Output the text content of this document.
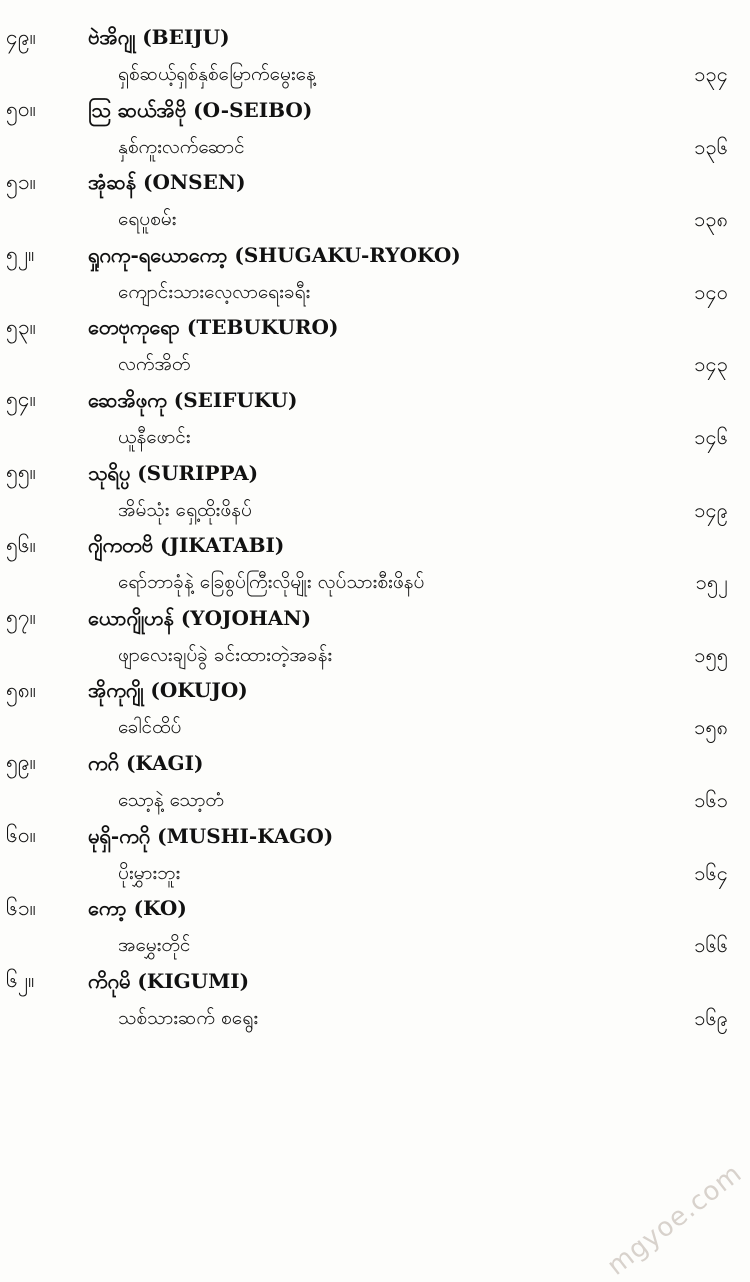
၄၉။	ဗဲအိဂျု (BEIJU)
ရှစ်ဆယ့်ရှစ်နှစ်မြောက်မွေးနေ့	၁၃၄
၅၀။	သြ ဆယ်အိဗို (O-SEIBO)
နှစ်ကူးလက်ဆောင်	၁၃၆
၅၁။	အုံဆန် (ONSEN)
ရေပူစမ်း	၁၃၈
၅၂။	ရှုဂကု-ရယောကော့ (SHUGAKU-RYOKO)
ကျောင်းသားလေ့လာရေးခရီး	၁၄၀
၅၃။	တေဗုကုရော (TEBUKURO)
လက်အိတ်	၁၄၃
၅၄။	ဆေအိဖုကု (SEIFUKU)
ယူနီဖောင်း	၁၄၆
၅၅။	သုရိပ္ပ (SURIPPA)
အိမ်သုံး ရှေ့ထိုးဖိနပ်	၁၄၉
၅၆။	ဂျိကတဗိ (JIKATABI)
ရော်ဘာခုံနဲ့ ခြေစွပ်ကြီးလိုမျိုး လုပ်သားစီးဖိနပ်	၁၅၂
၅၇။	ယောဂျိုဟန် (YOJOHAN)
ဖျာလေးချပ်ခွဲ ခင်းထားတဲ့အခန်း	၁၅၅
၅၈။	အိုကုဂျို (OKUJO)
ခေါင်ထိပ်	၁၅၈
၅၉။	ကဂိ (KAGI)
သော့နဲ့ သော့တံ	၁၆၁
၆၀။	မုရှိ-ကဂို (MUSHI-KAGO)
ပိုးမွှားဘူး	၁၆၄
၆၁။	ကော့ (KO)
အမွှေးတိုင်	၁၆၆
၆၂။	ကိဂုမိ (KIGUMI)
သစ်သားဆက် စရွေး	၁၆၉
mgyoe.com
